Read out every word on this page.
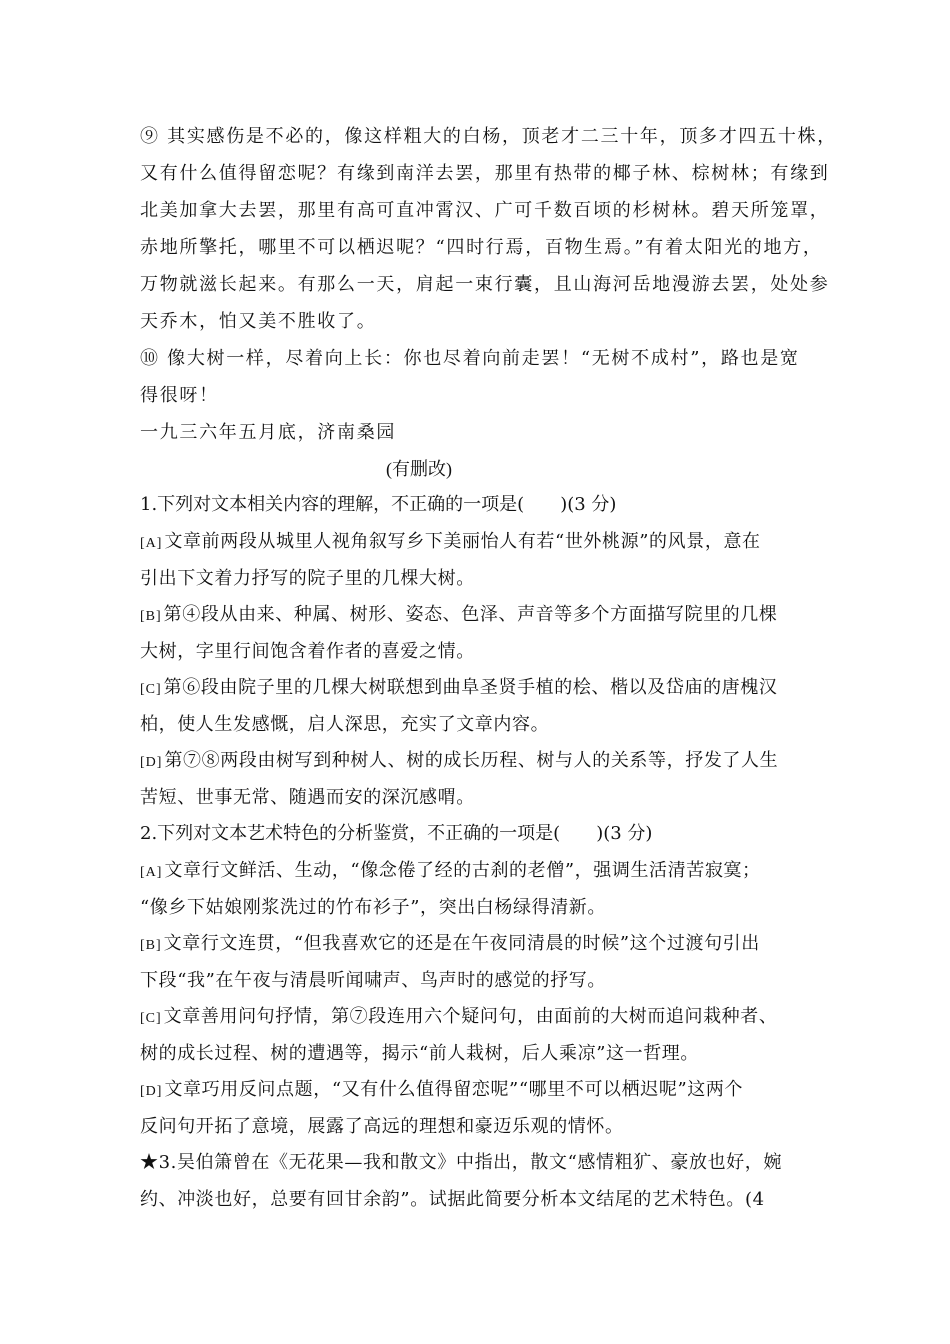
⑨ 其实感伤是不必的，像这样粗大的白杨，顶老才二三十年，顶多才四五十株，
又有什么值得留恋呢？有缘到南洋去罢，那里有热带的椰子林、棕树林；有缘到
北美加拿大去罢，那里有高可直冲霄汉、广可千数百顷的杉树林。碧天所笼罩，
赤地所擎托，哪里不可以栖迟呢？“四时行焉，百物生焉。”有着太阳光的地方，
万物就滋长起来。有那么一天，肩起一束行囊，且山海河岳地漫游去罢，处处参
天乔木，怕又美不胜收了。
⑩ 像大树一样，尽着向上长：你也尽着向前走罢！“无树不成村”，路也是宽
得很呀！
一九三六年五月底，济南桑园
(有删改)
1.下列对文本相关内容的理解，不正确的一项是(　　)(3 分)
[A] 文章前两段从城里人视角叙写乡下美丽怡人有若“世外桃源”的风景，意在
引出下文着力抒写的院子里的几棵大树。
[B] 第④段从由来、种属、树形、姿态、色泽、声音等多个方面描写院里的几棵
大树，字里行间饱含着作者的喜爱之情。
[C] 第⑥段由院子里的几棵大树联想到曲阜圣贤手植的桧、楷以及岱庙的唐槐汉
柏，使人生发感慨，启人深思，充实了文章内容。
[D] 第⑦⑧两段由树写到种树人、树的成长历程、树与人的关系等，抒发了人生
苦短、世事无常、随遇而安的深沉感喟。
2.下列对文本艺术特色的分析鉴赏，不正确的一项是(　　)(3 分)
[A] 文章行文鲜活、生动，“像念倦了经的古刹的老僧”，强调生活清苦寂寞；
“像乡下姑娘刚浆洗过的竹布衫子”，突出白杨绿得清新。
[B] 文章行文连贯，“但我喜欢它的还是在午夜同清晨的时候”这个过渡句引出
下段“我”在午夜与清晨听闻啸声、鸟声时的感觉的抒写。
[C] 文章善用问句抒情，第⑦段连用六个疑问句，由面前的大树而追问栽种者、
树的成长过程、树的遭遇等，揭示“前人栽树，后人乘凉”这一哲理。
[D] 文章巧用反问点题，“又有什么值得留恋呢”“哪里不可以栖迟呢”这两个
反问句开拓了意境，展露了高远的理想和豪迈乐观的情怀。
★3.吴伯箫曾在《无花果—我和散文》中指出，散文“感情粗犷、豪放也好，婉
约、冲淡也好，总要有回甘余韵”。试据此简要分析本文结尾的艺术特色。(4
